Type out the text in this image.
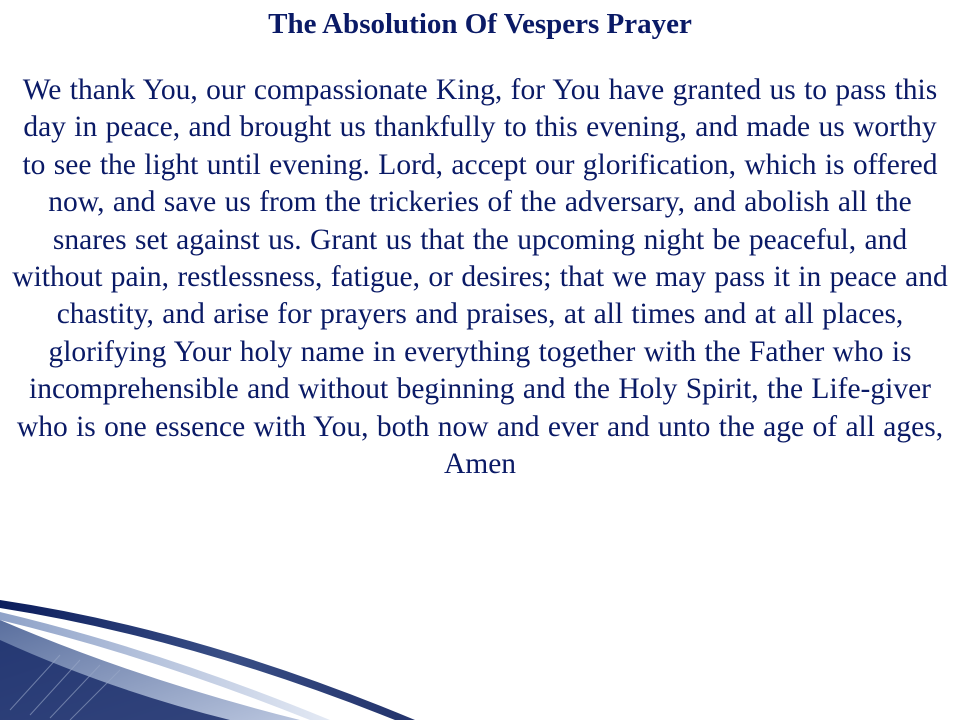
The Absolution Of Vespers Prayer

We thank You, our compassionate King, for You have granted us to pass this day in peace, and brought us thankfully to this evening, and made us worthy to see the light until evening. Lord, accept our glorification, which is offered now, and save us from the trickeries of the adversary, and abolish all the snares set against us. Grant us that the upcoming night be peaceful, and without pain, restlessness, fatigue, or desires; that we may pass it in peace and chastity, and arise for prayers and praises, at all times and at all places, glorifying Your holy name in everything together with the Father who is incomprehensible and without beginning and the Holy Spirit, the Life-giver who is one essence with You, both now and ever and unto the age of all ages, Amen
